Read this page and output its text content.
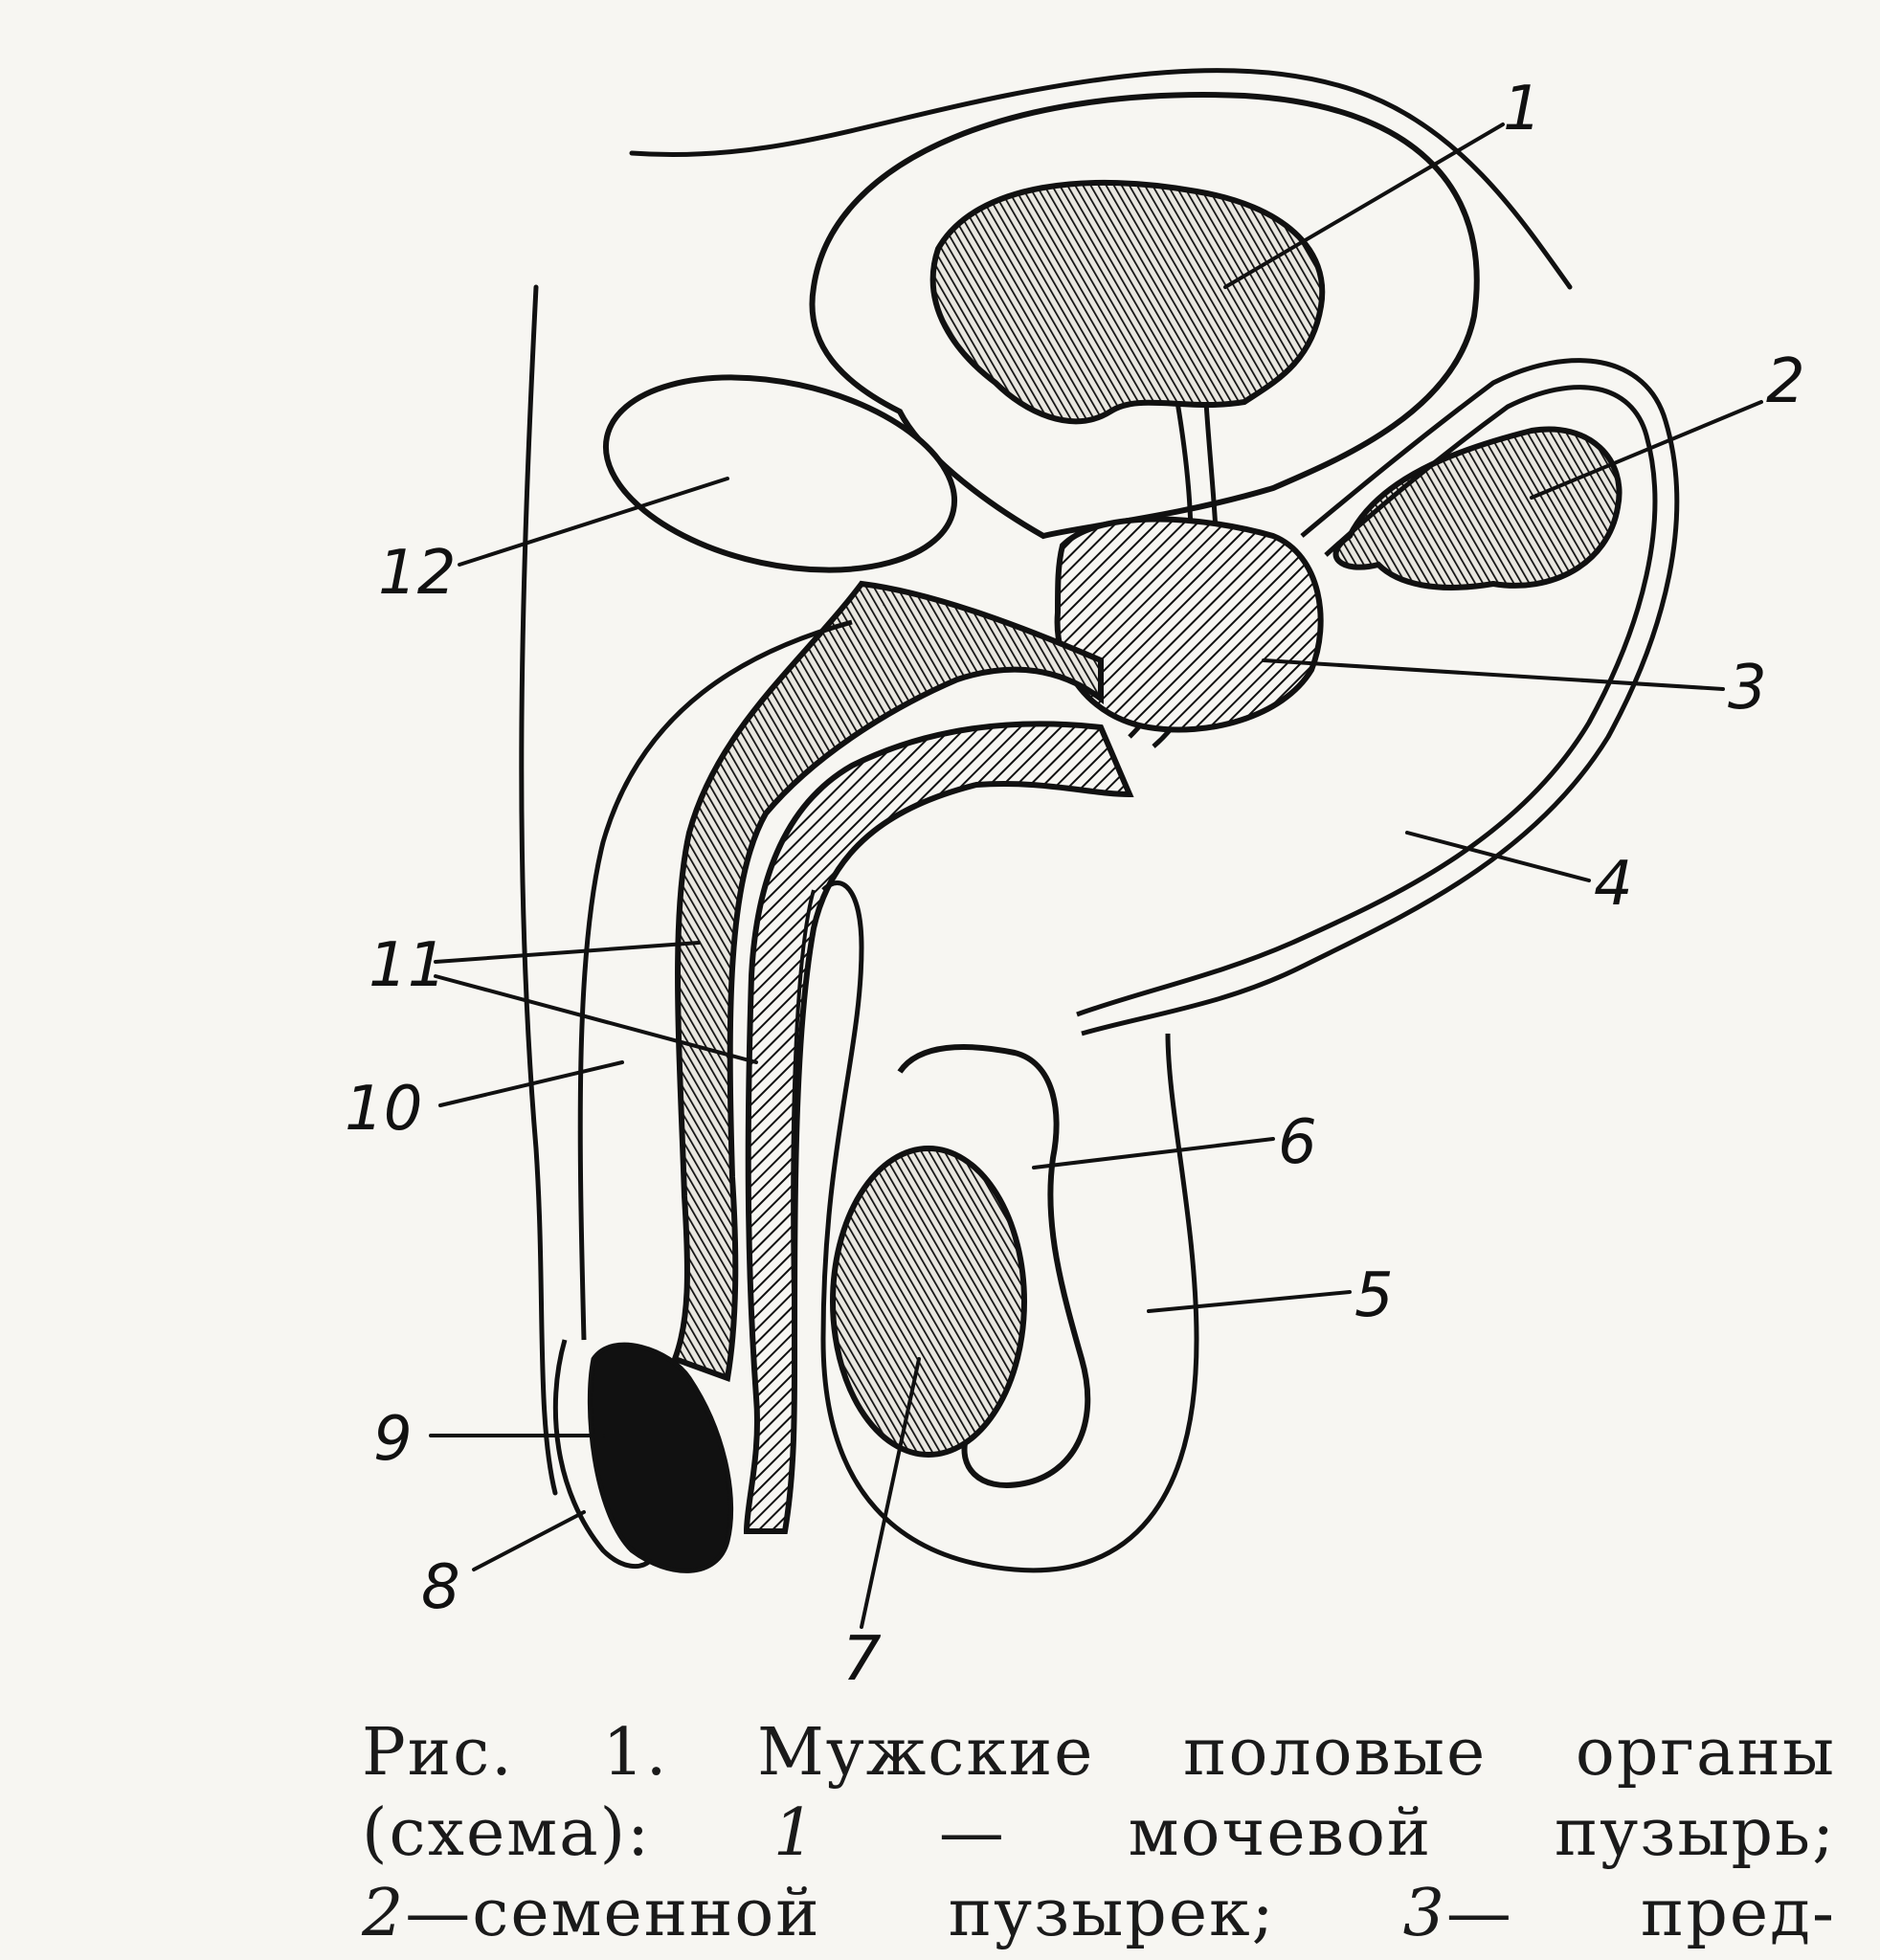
1
2
3
4
5
6
7
8
9
10
11
12
Рис. 1. Мужские половые органы
(схема): 1 — мочевой пузырь;
2—семенной пузырек; 3— пред-
